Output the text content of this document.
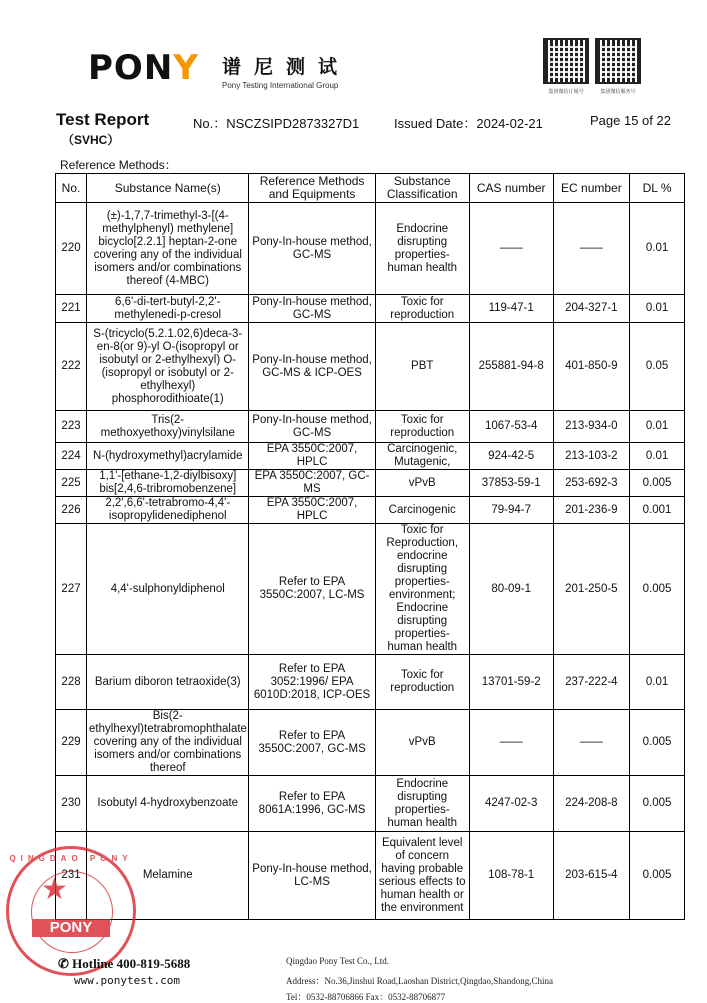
PONY 谱尼测试
Pony Testing International Group
集团微信订阅号	集团微信服务号
Test Report
（SVHC）
No.：NSCZSIPD2873327D1	Issued Date：2024-02-21	Page 15 of 22
Reference Methods：
No.	Substance Name(s)	Reference Methods and Equipments	Substance Classification	CAS number	EC number	DL %
220	(±)-1,7,7-trimethyl-3-[(4-methylphenyl) methylene] bicyclo[2.2.1] heptan-2-one covering any of the individual isomers and/or combinations thereof (4-MBC)	Pony-In-house method, GC-MS	Endocrine disrupting properties-human health	——	——	0.01
221	6,6'-di-tert-butyl-2,2'-methylenedi-p-cresol	Pony-In-house method, GC-MS	Toxic for reproduction	119-47-1	204-327-1	0.01
222	S-(tricyclo(5.2.1.02,6)deca-3-en-8(or 9)-yl O-(isopropyl or isobutyl or 2-ethylhexyl) O-(isopropyl or isobutyl or 2-ethylhexyl) phosphorodithioate(1)	Pony-In-house method, GC-MS & ICP-OES	PBT	255881-94-8	401-850-9	0.05
223	Tris(2-methoxyethoxy)vinylsilane	Pony-In-house method, GC-MS	Toxic for reproduction	1067-53-4	213-934-0	0.01
224	N-(hydroxymethyl)acrylamide	EPA 3550C:2007, HPLC	Carcinogenic, Mutagenic,	924-42-5	213-103-2	0.01
225	1,1'-[ethane-1,2-diylbisoxy] bis[2,4,6-tribromobenzene]	EPA 3550C:2007, GC-MS	vPvB	37853-59-1	253-692-3	0.005
226	2,2',6,6'-tetrabromo-4,4'-isopropylidenediphenol	EPA 3550C:2007, HPLC	Carcinogenic	79-94-7	201-236-9	0.001
227	4,4'-sulphonyldiphenol	Refer to EPA 3550C:2007, LC-MS	Toxic for Reproduction, endocrine disrupting properties-environment; Endocrine disrupting properties-human health	80-09-1	201-250-5	0.005
228	Barium diboron tetraoxide(3)	Refer to EPA 3052:1996/ EPA 6010D:2018, ICP-OES	Toxic for reproduction	13701-59-2	237-222-4	0.01
229	Bis(2-ethylhexyl)tetrabromophthalate covering any of the individual isomers and/or combinations thereof	Refer to EPA 3550C:2007, GC-MS	vPvB	——	——	0.005
230	Isobutyl 4-hydroxybenzoate	Refer to EPA 8061A:1996, GC-MS	Endocrine disrupting properties-human health	4247-02-3	224-208-8	0.005
231	Melamine	Pony-In-house method, LC-MS	Equivalent level of concern having probable serious effects to human health or the environment	108-78-1	203-615-4	0.005
QINGDAO PONY
★
PONY
✆ Hotline 400-819-5688
www.ponytest.com
Qingdao Pony Test Co., Ltd.
Address：No.36,Jinshui Road,Laoshan District,Qingdao,Shandong,China
Tel：0532-88706866 Fax：0532-88706877
